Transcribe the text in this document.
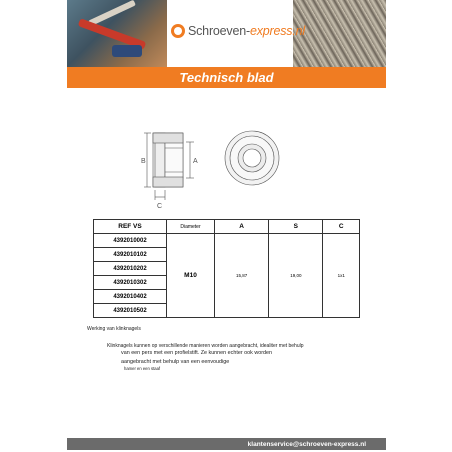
Schroeven-express.nl
Technisch blad
B	A
C
REF VS	Diameter	A	S	C
4392010002	M10	15,87	19,00	1x1
4392010102				
4392010202				
4392010302				
4392010402				
4392010502				
Werking van klinknagels
Klinknagels kunnen op verschillende manieren worden aangebracht, idealiter met behulp
van een pers met een profielstift. Ze kunnen echter ook worden
aangebracht met behulp van een eenvoudige
hamer en een staaf
klantenservice@schroeven-express.nl
